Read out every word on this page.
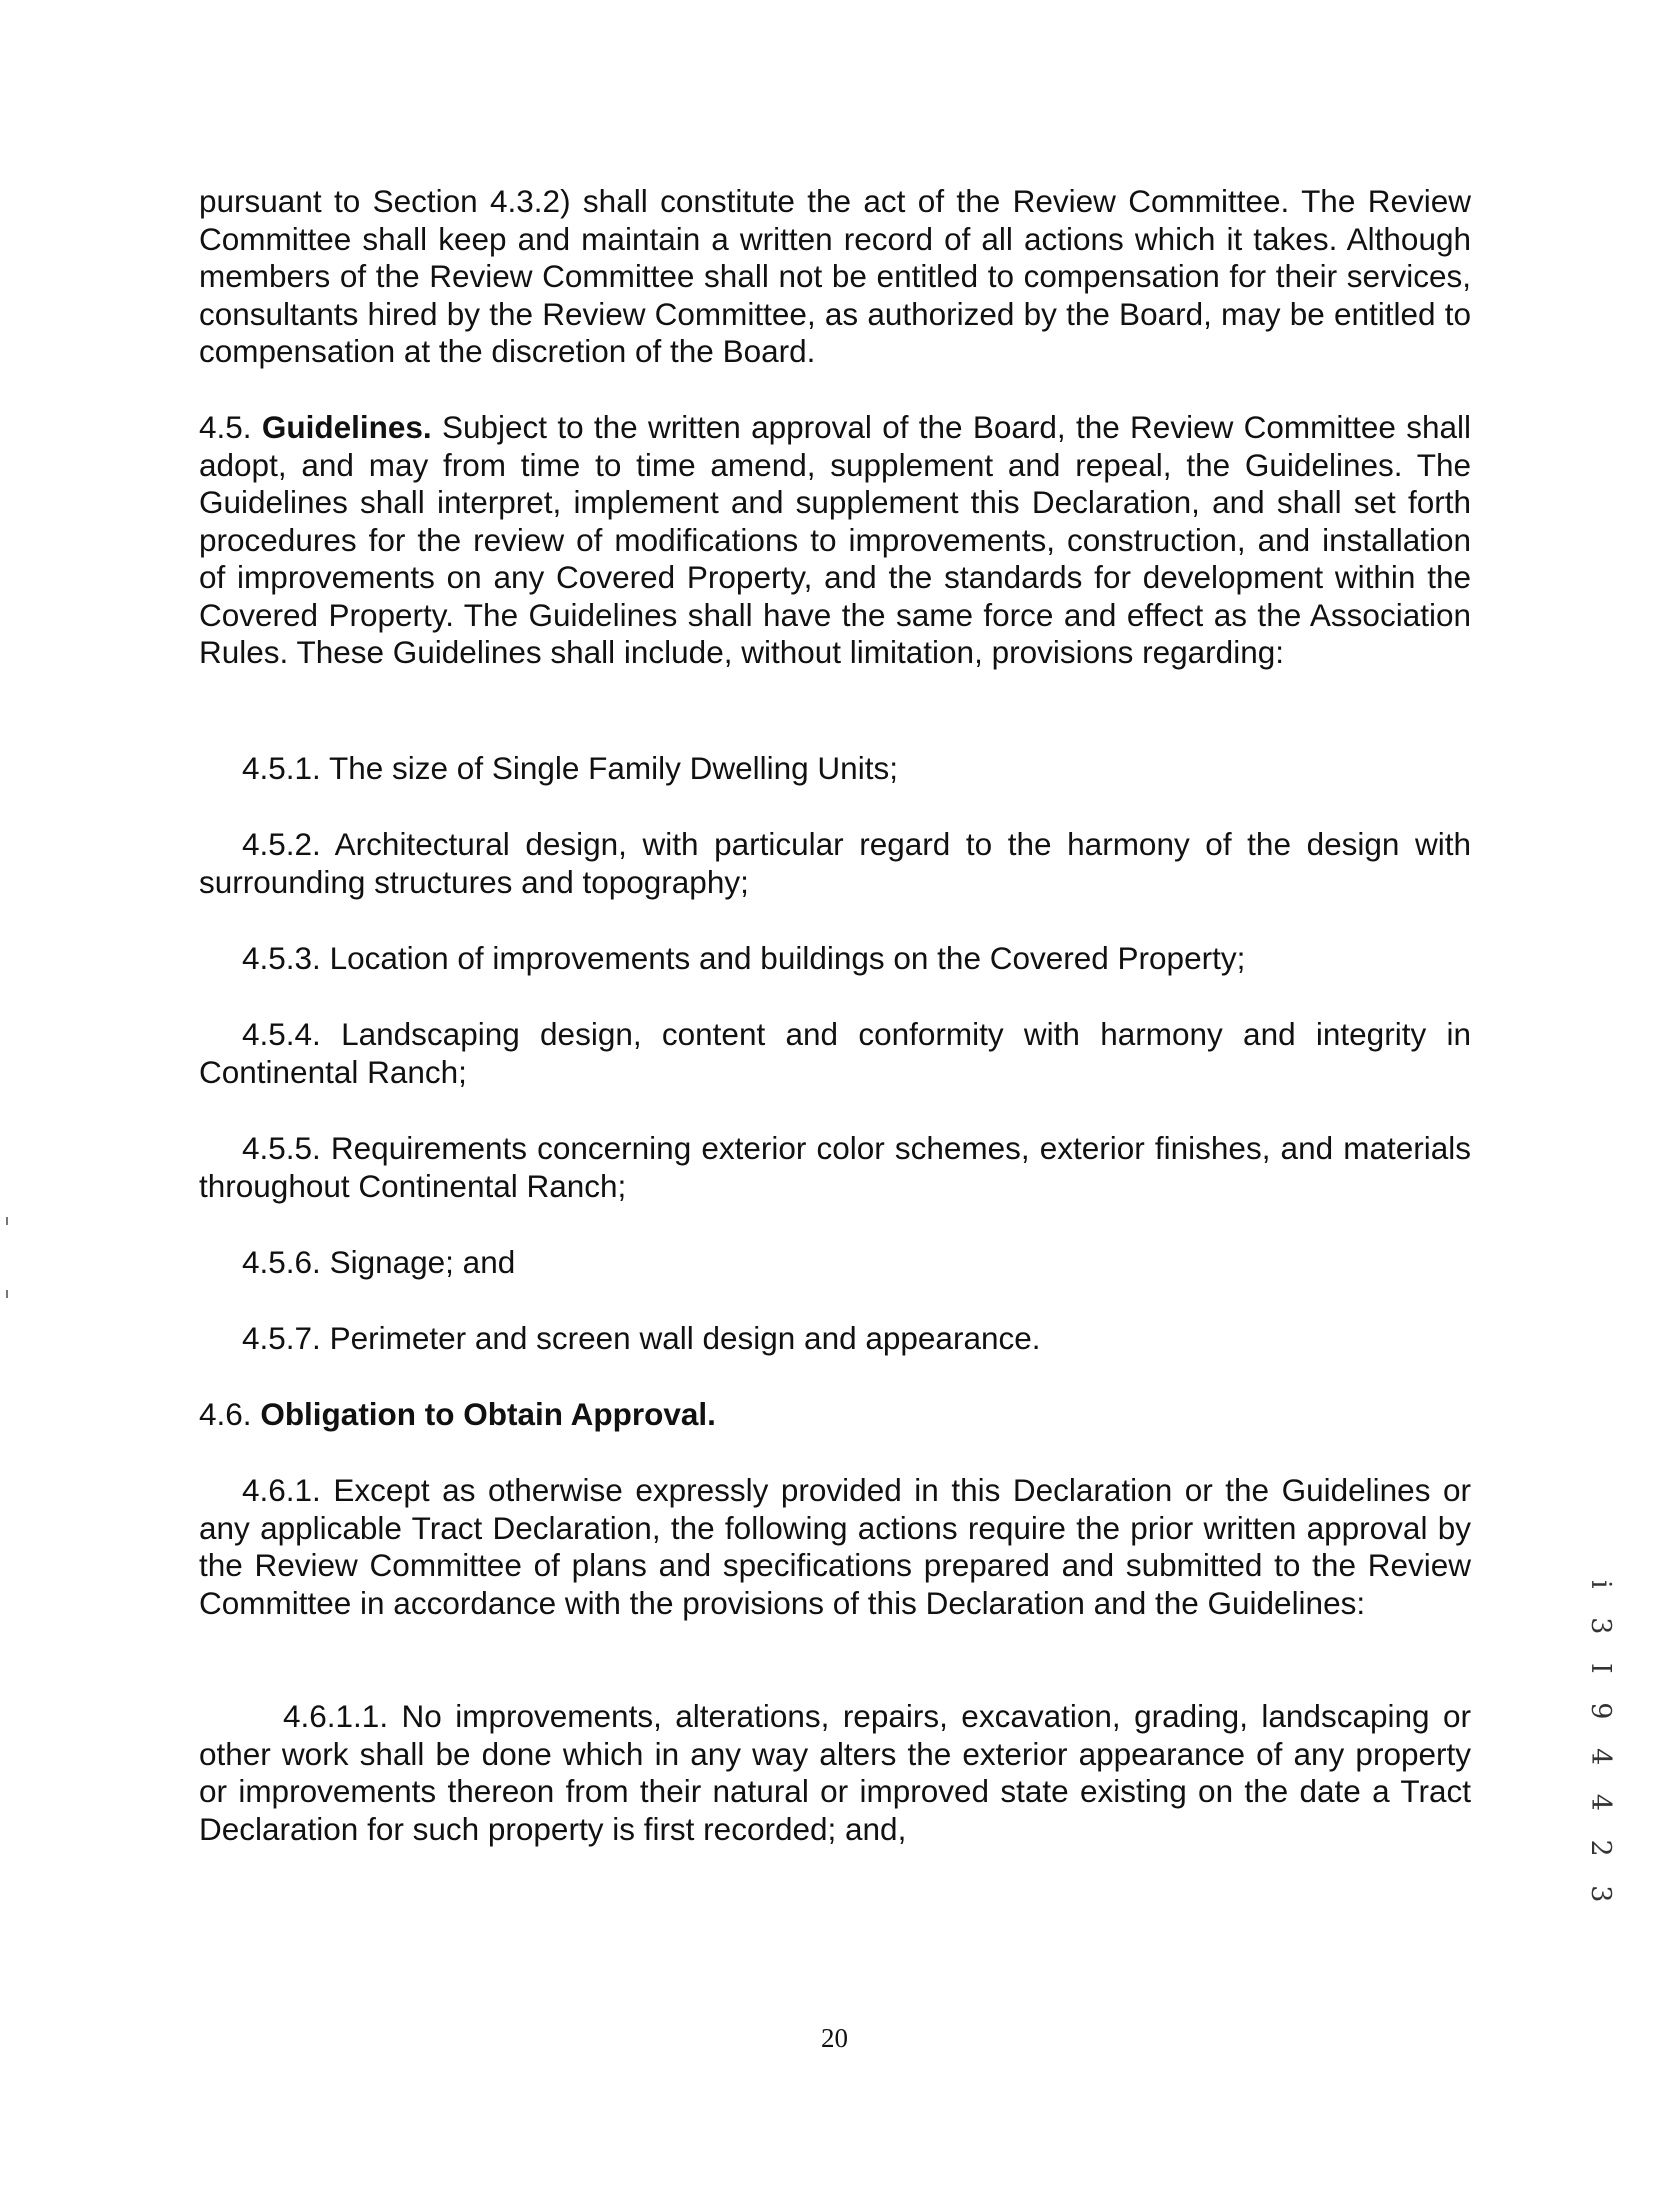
pursuant to Section 4.3.2) shall constitute the act of the Review Committee. The Review Committee shall keep and maintain a written record of all actions which it takes. Although members of the Review Committee shall not be entitled to compensation for their services, consultants hired by the Review Committee, as authorized by the Board, may be entitled to compensation at the discretion of the Board.

4.5. Guidelines. Subject to the written approval of the Board, the Review Committee shall adopt, and may from time to time amend, supplement and repeal, the Guidelines. The Guidelines shall interpret, implement and supplement this Declaration, and shall set forth procedures for the review of modifications to improvements, construction, and installation of improvements on any Covered Property, and the standards for development within the Covered Property. The Guidelines shall have the same force and effect as the Association Rules. These Guidelines shall include, without limitation, provisions regarding:

4.5.1. The size of Single Family Dwelling Units;

4.5.2. Architectural design, with particular regard to the harmony of the design with surrounding structures and topography;

4.5.3. Location of improvements and buildings on the Covered Property;

4.5.4. Landscaping design, content and conformity with harmony and integrity in Continental Ranch;

4.5.5. Requirements concerning exterior color schemes, exterior finishes, and materials throughout Continental Ranch;

4.5.6. Signage; and

4.5.7. Perimeter and screen wall design and appearance.

4.6. Obligation to Obtain Approval.

4.6.1. Except as otherwise expressly provided in this Declaration or the Guidelines or any applicable Tract Declaration, the following actions require the prior written approval by the Review Committee of plans and specifications prepared and submitted to the Review Committee in accordance with the provisions of this Declaration and the Guidelines:

4.6.1.1. No improvements, alterations, repairs, excavation, grading, landscaping or other work shall be done which in any way alters the exterior appearance of any property or improvements thereon from their natural or improved state existing on the date a Tract Declaration for such property is first recorded; and,

20
i 3 I 9 4 4 2 3
